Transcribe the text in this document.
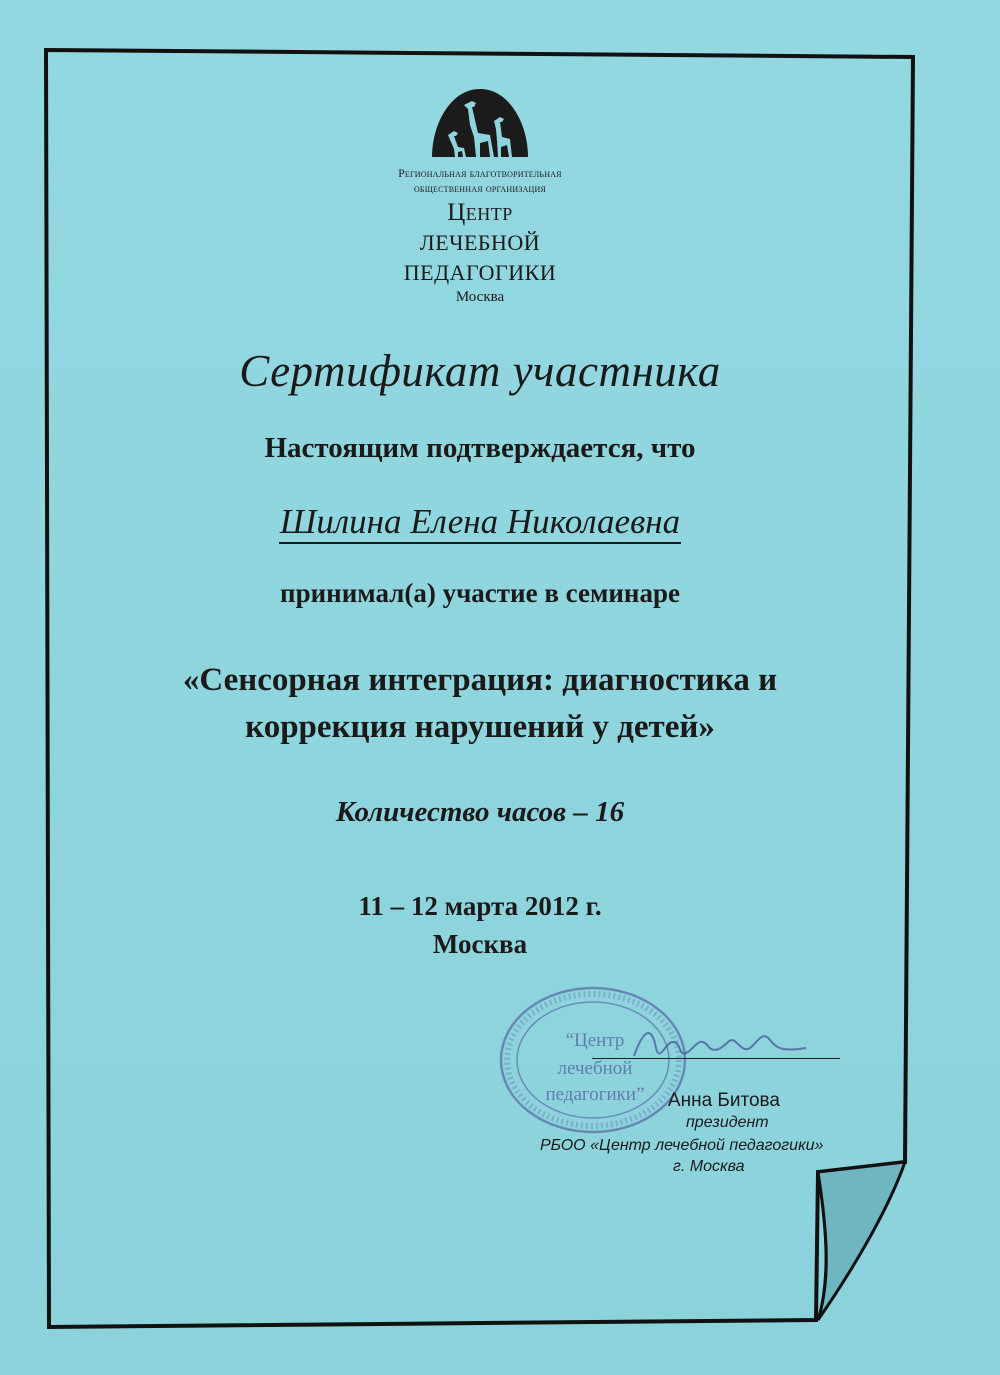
Региональная благотворительная
общественная организация
Центр
ЛЕЧЕБНОЙ
ПЕДАГОГИКИ
Москва
Сертификат участника
Настоящим подтверждается, что
Шилина Елена Николаевна
принимал(а) участие в семинаре
«Сенсорная интеграция: диагностика и
коррекция нарушений у детей»
Количество часов – 16
11 – 12 марта 2012 г.
Москва
“Центр
лечебной
педагогики”	Анна Битова
президент
РБОО «Центр лечебной педагогики»
г. Москва
